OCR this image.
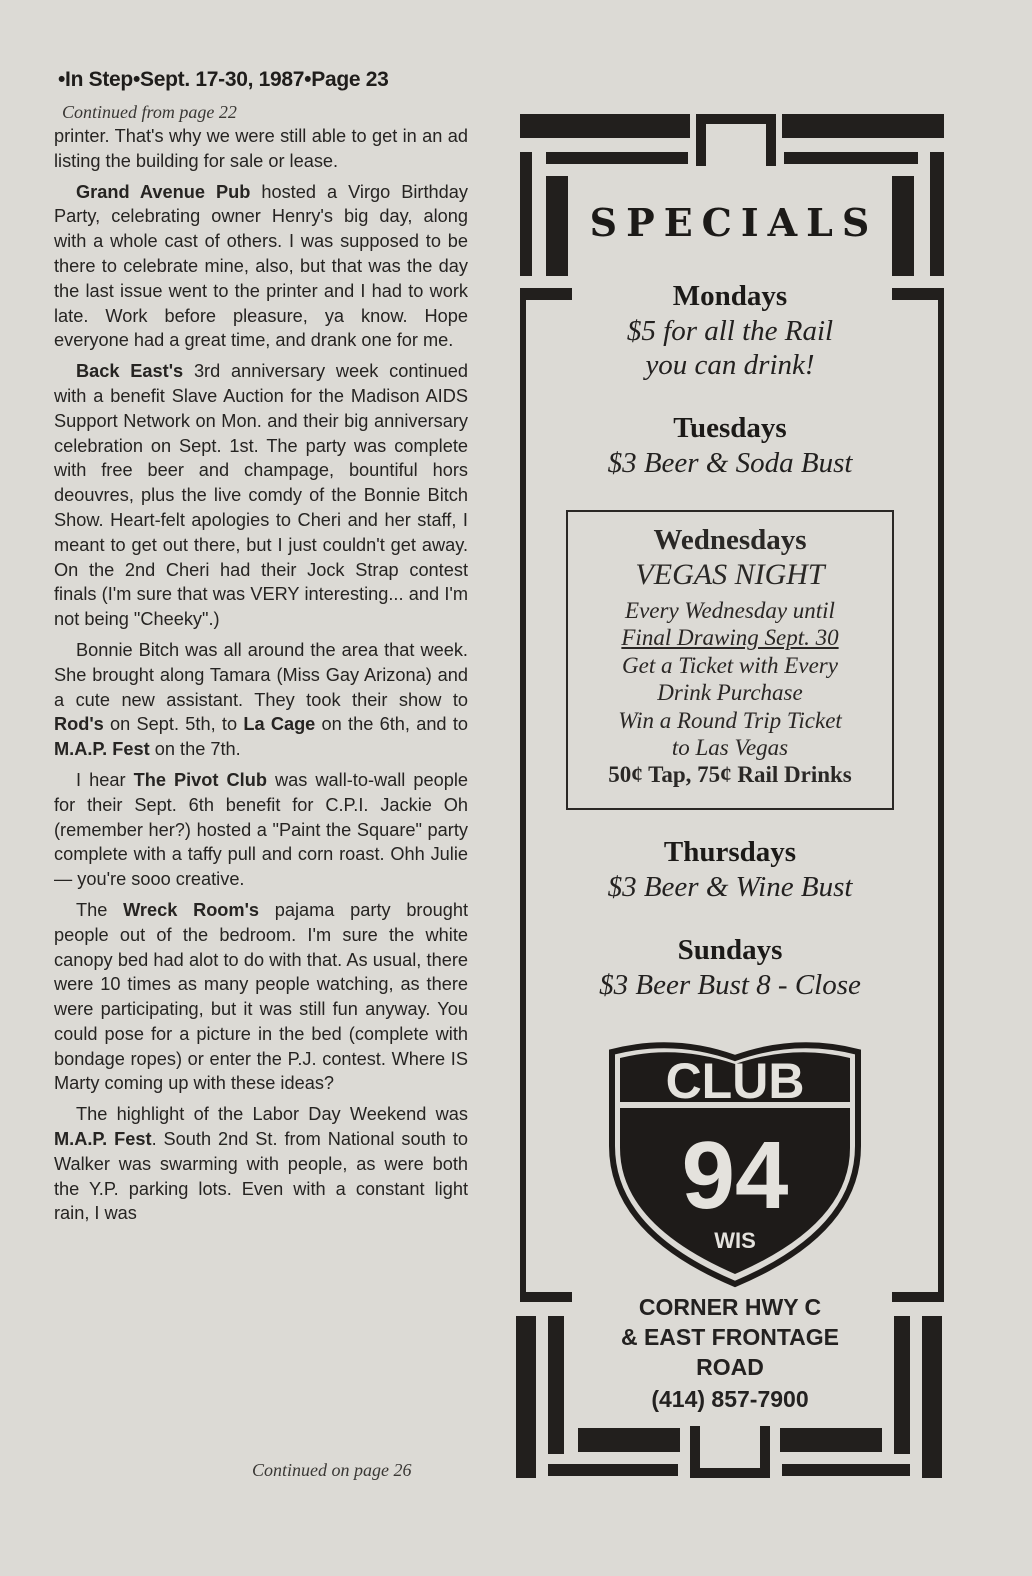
•In Step•Sept. 17-30, 1987•Page 23
Continued from page 22

printer. That's why we were still able to get in an ad listing the building for sale or lease.

Grand Avenue Pub hosted a Virgo Birthday Party, celebrating owner Henry's big day, along with a whole cast of others. I was supposed to be there to celebrate mine, also, but that was the day the last issue went to the printer and I had to work late. Work before pleasure, ya know. Hope everyone had a great time, and drank one for me.

Back East's 3rd anniversary week continued with a benefit Slave Auction for the Madison AIDS Support Network on Mon. and their big anniversary celebration on Sept. 1st. The party was complete with free beer and champage, bountiful hors deouvres, plus the live comdy of the Bonnie Bitch Show. Heart-felt apologies to Cheri and her staff, I meant to get out there, but I just couldn't get away. On the 2nd Cheri had their Jock Strap contest finals (I'm sure that was VERY interesting... and I'm not being "Cheeky".)

Bonnie Bitch was all around the area that week. She brought along Tamara (Miss Gay Arizona) and a cute new assistant. They took their show to Rod's on Sept. 5th, to La Cage on the 6th, and to M.A.P. Fest on the 7th.

I hear The Pivot Club was wall-to-wall people for their Sept. 6th benefit for C.P.I. Jackie Oh (remember her?) hosted a "Paint the Square" party complete with a taffy pull and corn roast. Ohh Julie — you're sooo creative.

The Wreck Room's pajama party brought people out of the bedroom. I'm sure the white canopy bed had alot to do with that. As usual, there were 10 times as many people watching, as there were participating, but it was still fun anyway. You could pose for a picture in the bed (complete with bondage ropes) or enter the P.J. contest. Where IS Marty coming up with these ideas?

The highlight of the Labor Day Weekend was M.A.P. Fest. South 2nd St. from National south to Walker was swarming with people, as were both the Y.P. parking lots. Even with a constant light rain, I was

Continued on page 26
SPECIALS
Mondays
$5 for all the Rail
you can drink!
Tuesdays
$3 Beer & Soda Bust
Wednesdays
VEGAS NIGHT
Every Wednesday until
Final Drawing Sept. 30
Get a Ticket with Every
Drink Purchase
Win a Round Trip Ticket
to Las Vegas
50¢ Tap, 75¢ Rail Drinks
Thursdays
$3 Beer & Wine Bust
Sundays
$3 Beer Bust 8 - Close
CLUB
94
WIS
CORNER HWY C
& EAST FRONTAGE
ROAD
(414) 857-7900
